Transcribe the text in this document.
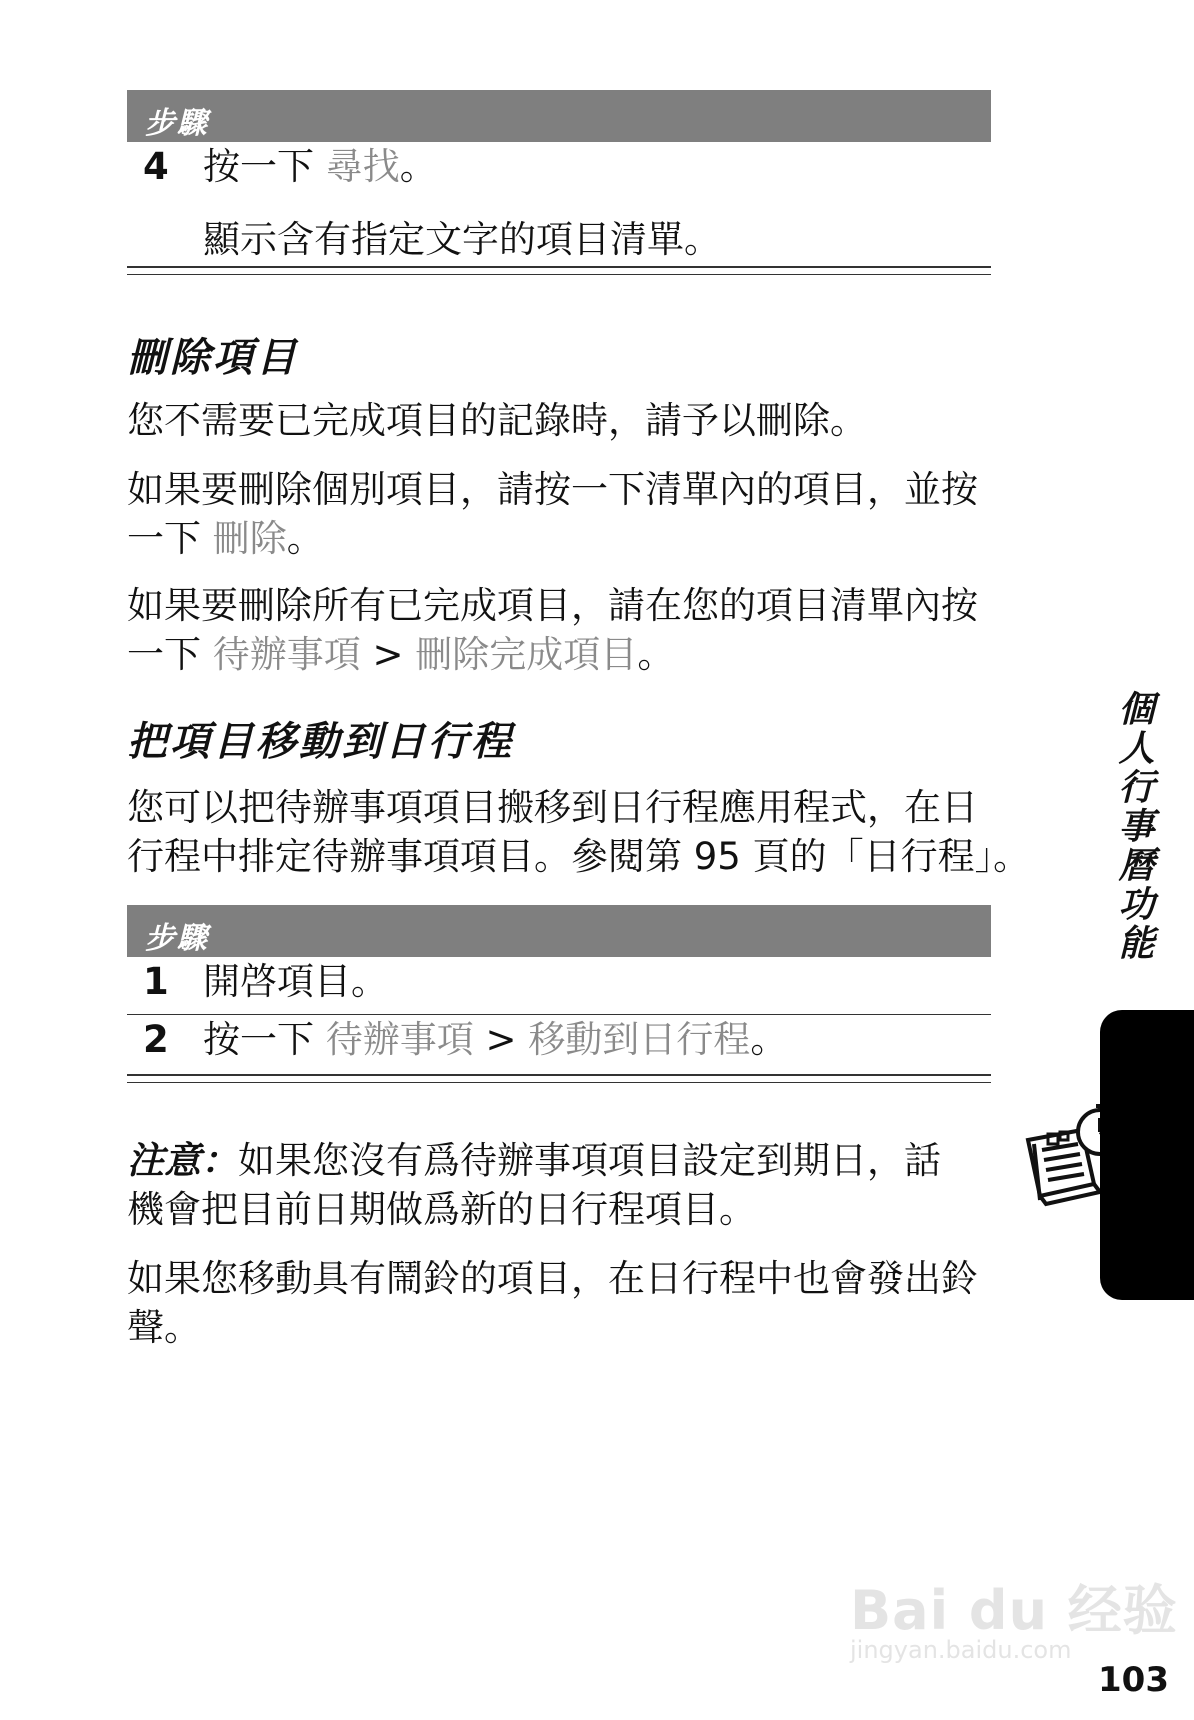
步驟
4 按一下 尋找。
顯示含有指定文字的項目清單。
刪除項目
您不需要已完成項目的記錄時，請予以刪除。
如果要刪除個別項目，請按一下清單內的項目，並按
一下 刪除。
如果要刪除所有已完成項目，請在您的項目清單內按
一下 待辦事項 > 刪除完成項目。
把項目移動到日行程
您可以把待辦事項項目搬移到日行程應用程式，在日
行程中排定待辦事項項目。參閱第 95 頁的「日行程」。
步驟
1 開啓項目。
2 按一下 待辦事項 > 移動到日行程。
注意：如果您沒有爲待辦事項項目設定到期日，話
機會把目前日期做爲新的日行程項目。
如果您移動具有鬧鈴的項目，在日行程中也會發出鈴
聲。
個人行事曆功能
Bai du 经验
jingyan.baidu.com
103
